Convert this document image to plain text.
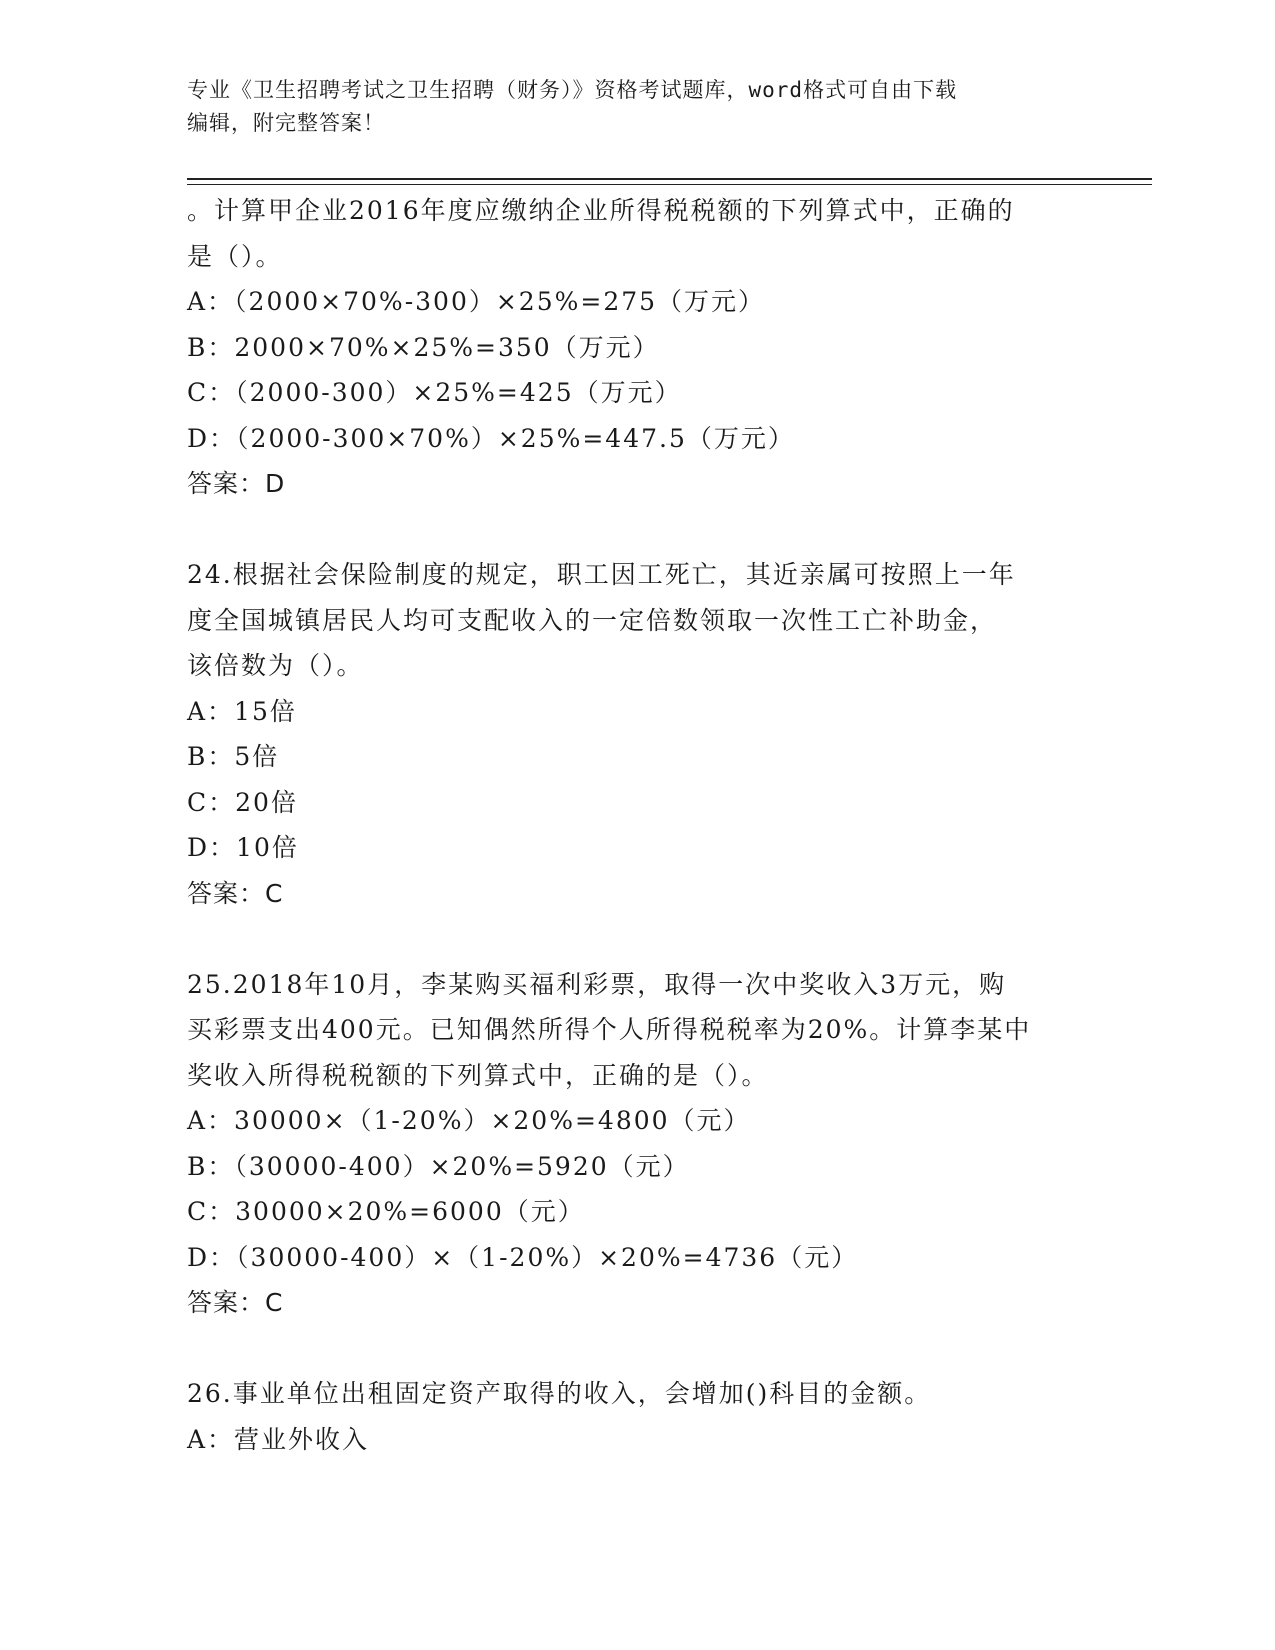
专业《卫生招聘考试之卫生招聘（财务）》资格考试题库，word格式可自由下载
编辑，附完整答案！
。计算甲企业2016年度应缴纳企业所得税税额的下列算式中，正确的
是（）。
A：（2000×70%-300）×25%=275（万元）
B：2000×70%×25%=350（万元）
C：（2000-300）×25%=425（万元）
D：（2000-300×70%）×25%=447.5（万元）
答案：D
24.根据社会保险制度的规定，职工因工死亡，其近亲属可按照上一年
度全国城镇居民人均可支配收入的一定倍数领取一次性工亡补助金，
该倍数为（）。
A：15倍
B：5倍
C：20倍
D：10倍
答案：C
25.2018年10月，李某购买福利彩票，取得一次中奖收入3万元，购
买彩票支出400元。已知偶然所得个人所得税税率为20%。计算李某中
奖收入所得税税额的下列算式中，正确的是（）。
A：30000×（1-20%）×20%=4800（元）
B：（30000-400）×20%=5920（元）
C：30000×20%=6000（元）
D：（30000-400）×（1-20%）×20%=4736（元）
答案：C
26.事业单位出租固定资产取得的收入，会增加()科目的金额。
A：营业外收入
